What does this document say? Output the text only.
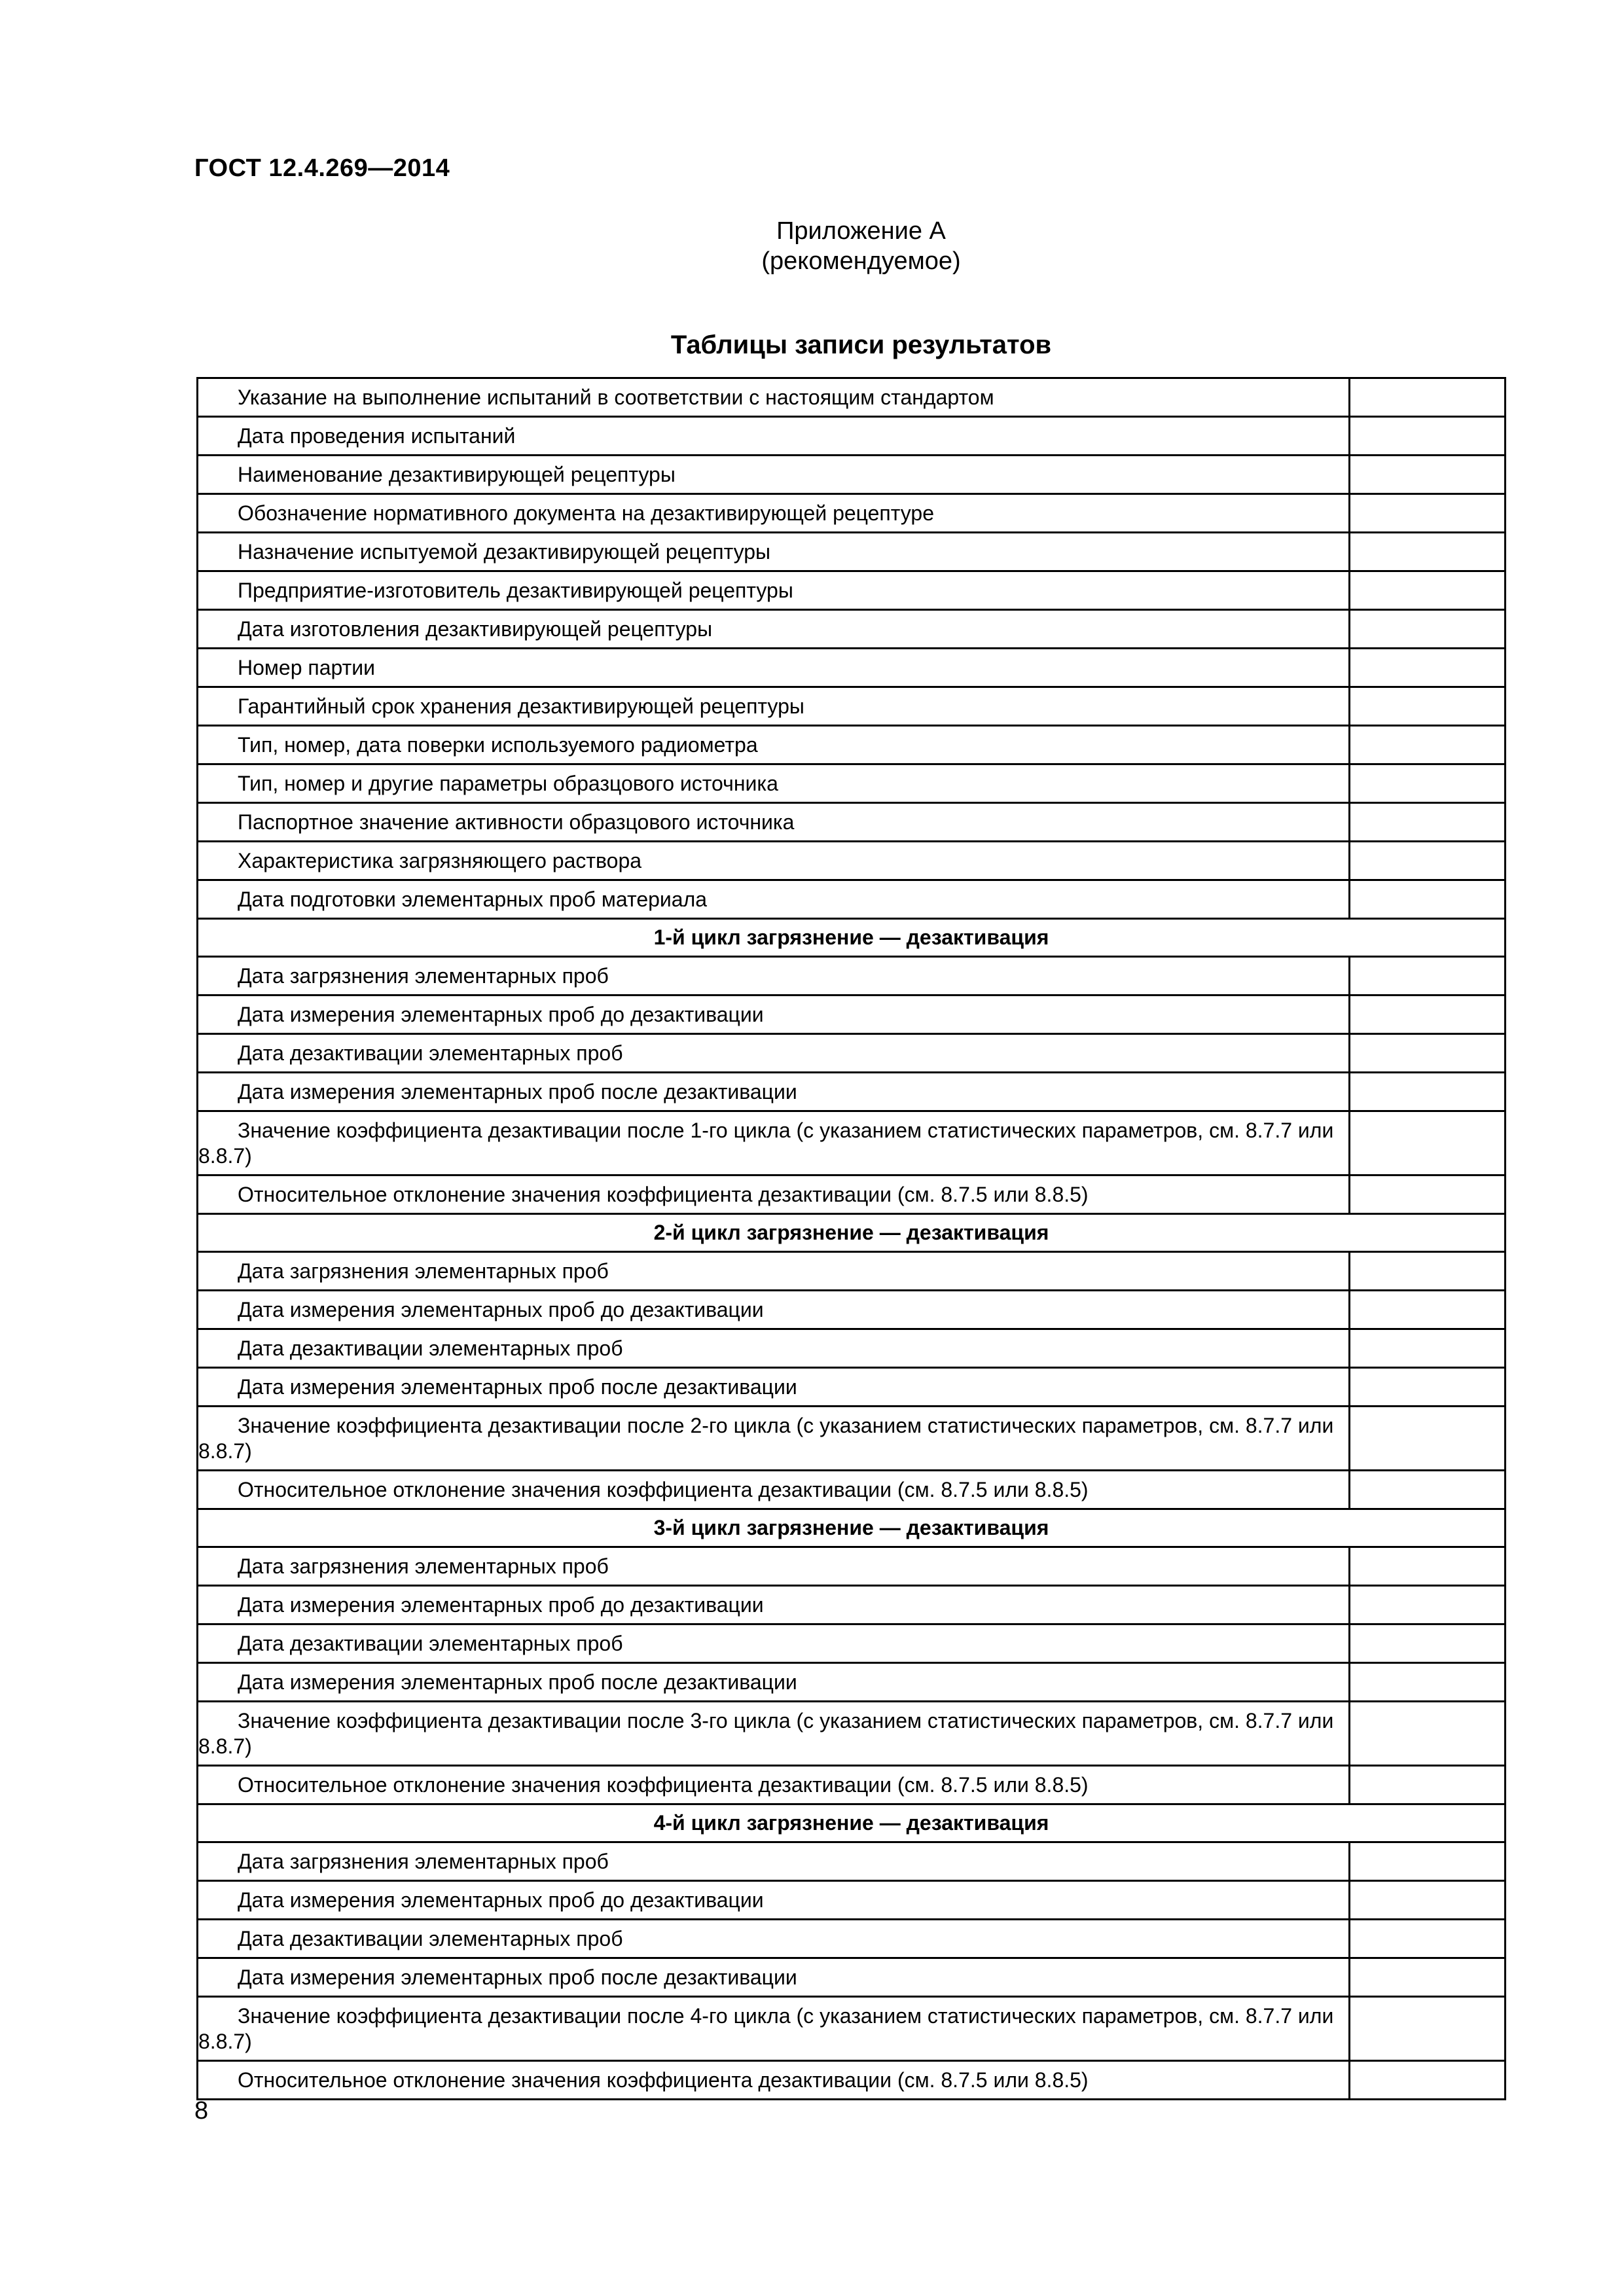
ГОСТ 12.4.269—2014
Приложение А
(рекомендуемое)
Таблицы записи результатов
Указание на выполнение испытаний в соответствии с настоящим стандартом	
Дата проведения испытаний	
Наименование дезактивирующей рецептуры	
Обозначение нормативного документа на дезактивирующей рецептуре	
Назначение испытуемой дезактивирующей рецептуры	
Предприятие-изготовитель дезактивирующей рецептуры	
Дата изготовления дезактивирующей рецептуры	
Номер партии	
Гарантийный срок хранения дезактивирующей рецептуры	
Тип, номер, дата поверки используемого радиометра	
Тип, номер и другие параметры образцового источника	
Паспортное значение активности образцового источника	
Характеристика загрязняющего раствора	
Дата подготовки элементарных проб материала	
1-й цикл загрязнение — дезактивация	
Дата загрязнения элементарных проб	
Дата измерения элементарных проб до дезактивации	
Дата дезактивации элементарных проб	
Дата измерения элементарных проб после дезактивации	
Значение коэффициента дезактивации после 1-го цикла (с указанием статистических параметров, см. 8.7.7 или 8.8.7)	
Относительное отклонение значения коэффициента дезактивации (см. 8.7.5 или 8.8.5)	
2-й цикл загрязнение — дезактивация	
Дата загрязнения элементарных проб	
Дата измерения элементарных проб до дезактивации	
Дата дезактивации элементарных проб	
Дата измерения элементарных проб после дезактивации	
Значение коэффициента дезактивации после 2-го цикла (с указанием статистических параметров, см. 8.7.7 или 8.8.7)	
Относительное отклонение значения коэффициента дезактивации (см. 8.7.5 или 8.8.5)	
3-й цикл загрязнение — дезактивация	
Дата загрязнения элементарных проб	
Дата измерения элементарных проб до дезактивации	
Дата дезактивации элементарных проб	
Дата измерения элементарных проб после дезактивации	
Значение коэффициента дезактивации после 3-го цикла (с указанием статистических параметров, см. 8.7.7 или 8.8.7)	
Относительное отклонение значения коэффициента дезактивации (см. 8.7.5 или 8.8.5)	
4-й цикл загрязнение — дезактивация	
Дата загрязнения элементарных проб	
Дата измерения элементарных проб до дезактивации	
Дата дезактивации элементарных проб	
Дата измерения элементарных проб после дезактивации	
Значение коэффициента дезактивации после 4-го цикла (с указанием статистических параметров, см. 8.7.7 или 8.8.7)	
Относительное отклонение значения коэффициента дезактивации (см. 8.7.5 или 8.8.5)	
8
